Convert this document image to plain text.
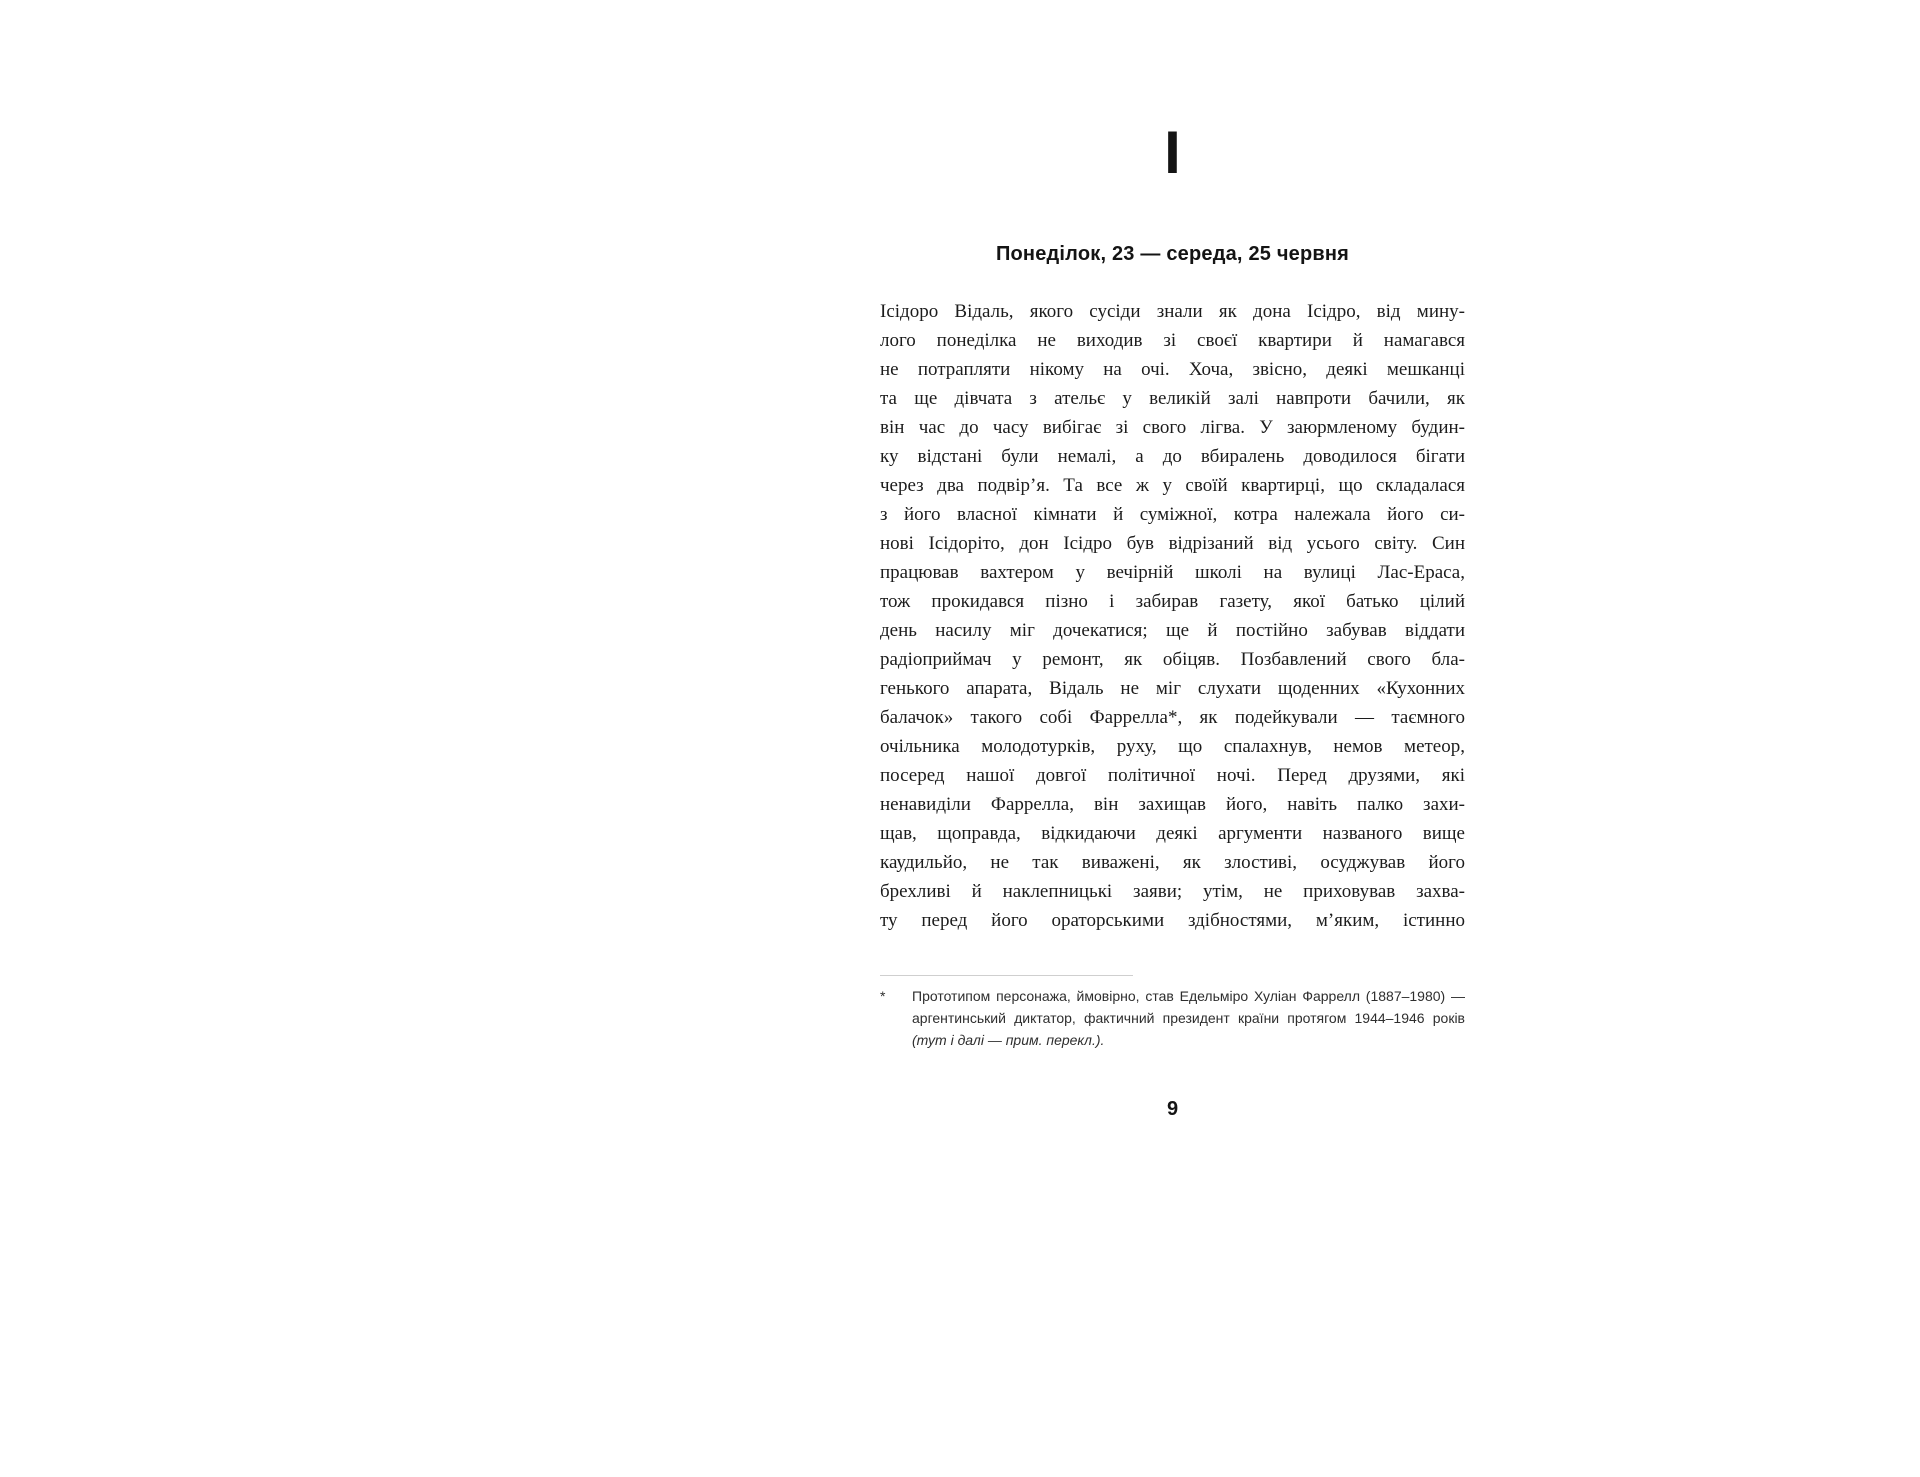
I
Понеділок, 23 — середа, 25 червня
Ісідоро Відаль, якого сусіди знали як дона Ісідро, від мину-
лого понеділка не виходив зі своєї квартири й намагався
не потрапляти нікому на очі. Хоча, звісно, деякі мешканці
та ще дівчата з ательє у великій залі навпроти бачили, як
він час до часу вибігає зі свого лігва. У заюрмленому будин-
ку відстані були немалі, а до вбиралень доводилося бігати
через два подвір’я. Та все ж у своїй квартирці, що складалася
з його власної кімнати й суміжної, котра належала його си-
нові Ісідоріто, дон Ісідро був відрізаний від усього світу. Син
працював вахтером у вечірній школі на вулиці Лас-Ераса,
тож прокидався пізно і забирав газету, якої батько цілий
день насилу міг дочекатися; ще й постійно забував віддати
радіоприймач у ремонт, як обіцяв. Позбавлений свого бла-
генького апарата, Відаль не міг слухати щоденних «Кухонних
балачок» такого собі Фаррелла*, як подейкували — таємного
очільника молодотурків, руху, що спалахнув, немов метеор,
посеред нашої довгої політичної ночі. Перед друзями, які
ненавиділи Фаррелла, він захищав його, навіть палко захи-
щав, щоправда, відкидаючи деякі аргументи названого вище
каудильйо, не так виважені, як злостиві, осуджував його
брехливі й наклепницькі заяви; утім, не приховував захва-
ту перед його ораторськими здібностями, м’яким, істинно
*	Прототипом персонажа, ймовірно, став Едельміро Хуліан Фаррелл (1887–1980) —
аргентинський диктатор, фактичний президент країни протягом 1944–1946 років
(тут і далі — прим. перекл.).
9
